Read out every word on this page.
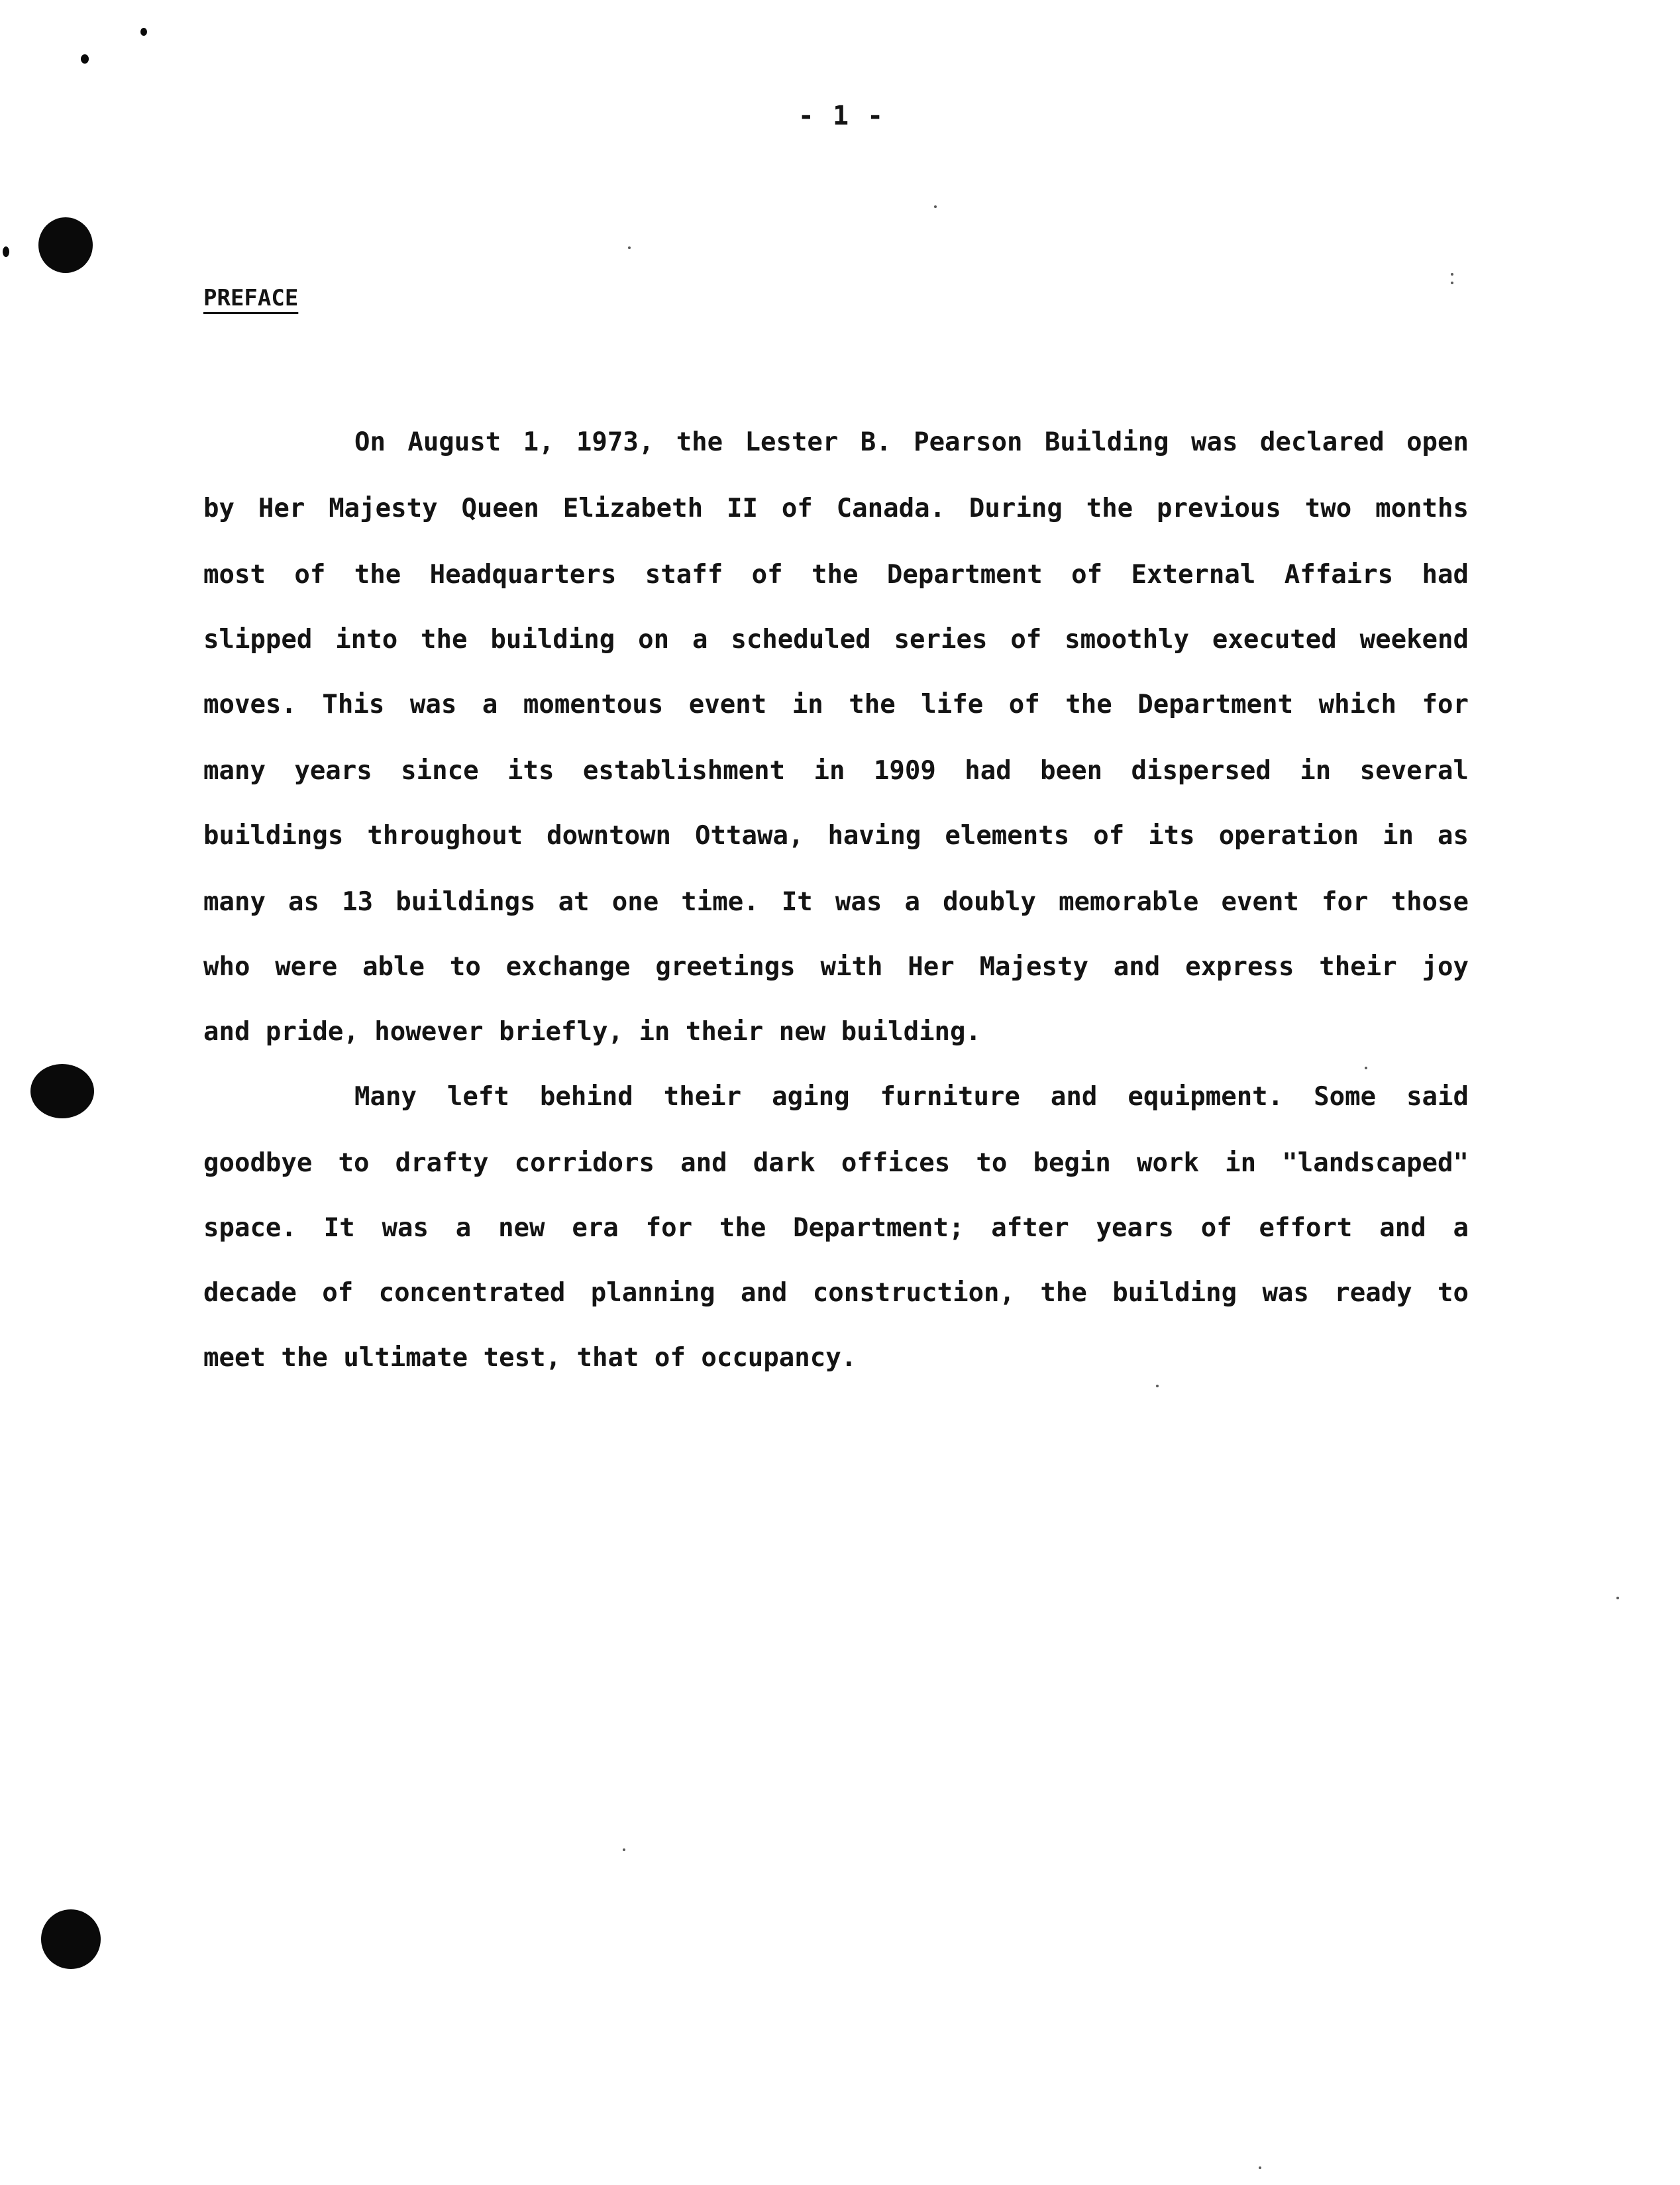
- 1 -
PREFACE
On August 1, 1973, the Lester B. Pearson Building was declared open
by Her Majesty Queen Elizabeth II of Canada. During the previous two months
most of the Headquarters staff of the Department of External Affairs had
slipped into the building on a scheduled series of smoothly executed weekend
moves. This was a momentous event in the life of the Department which for
many years since its establishment in 1909 had been dispersed in several
buildings throughout downtown Ottawa, having elements of its operation in as
many as 13 buildings at one time. It was a doubly memorable event for those
who were able to exchange greetings with Her Majesty and express their joy
and pride, however briefly, in their new building.
Many left behind their aging furniture and equipment. Some said
goodbye to drafty corridors and dark offices to begin work in "landscaped"
space. It was a new era for the Department; after years of effort and a
decade of concentrated planning and construction, the building was ready to
meet the ultimate test, that of occupancy.
